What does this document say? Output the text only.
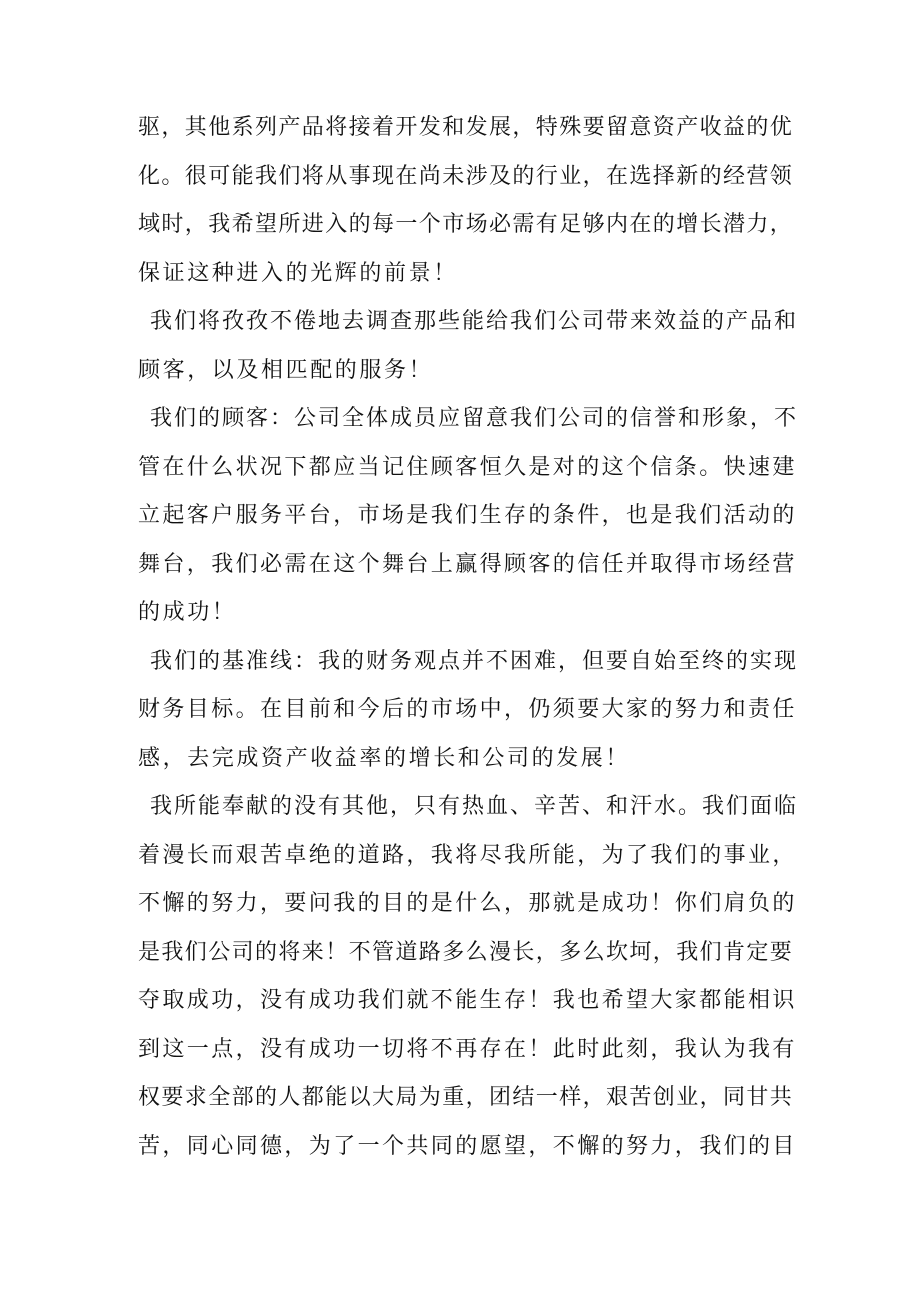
驱，其他系列产品将接着开发和发展，特殊要留意资产收益的优
化。很可能我们将从事现在尚未涉及的行业，在选择新的经营领
域时，我希望所进入的每一个市场必需有足够内在的增长潜力，
保证这种进入的光辉的前景！
我们将孜孜不倦地去调查那些能给我们公司带来效益的产品和
顾客，以及相匹配的服务！
我们的顾客：公司全体成员应留意我们公司的信誉和形象，不
管在什么状况下都应当记住顾客恒久是对的这个信条。快速建
立起客户服务平台，市场是我们生存的条件，也是我们活动的
舞台，我们必需在这个舞台上赢得顾客的信任并取得市场经营
的成功！
我们的基准线：我的财务观点并不困难，但要自始至终的实现
财务目标。在目前和今后的市场中，仍须要大家的努力和责任
感，去完成资产收益率的增长和公司的发展！
我所能奉献的没有其他，只有热血、辛苦、和汗水。我们面临
着漫长而艰苦卓绝的道路，我将尽我所能，为了我们的事业，
不懈的努力，要问我的目的是什么，那就是成功！你们肩负的
是我们公司的将来！不管道路多么漫长，多么坎坷，我们肯定要
夺取成功，没有成功我们就不能生存！我也希望大家都能相识
到这一点，没有成功一切将不再存在！此时此刻，我认为我有
权要求全部的人都能以大局为重，团结一样，艰苦创业，同甘共
苦，同心同德，为了一个共同的愿望，不懈的努力，我们的目
